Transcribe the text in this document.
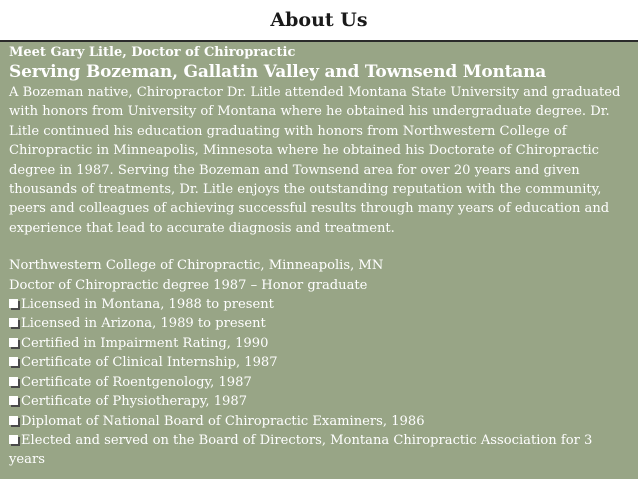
About Us
Meet Gary Litle, Doctor of Chiropractic
Serving Bozeman, Gallatin Valley and Townsend Montana

A Bozeman native, Chiropractor Dr. Litle attended Montana State University and graduated with honors from University of Montana where he obtained his undergraduate degree. Dr. Litle continued his education graduating with honors from Northwestern College of Chiropractic in Minneapolis, Minnesota where he obtained his Doctorate of Chiropractic degree in 1987. Serving the Bozeman and Townsend area for over 20 years and given thousands of treatments, Dr. Litle enjoys the outstanding reputation with the community, peers and colleagues of achieving successful results through many years of education and experience that lead to accurate diagnosis and treatment.

Northwestern College of Chiropractic, Minneapolis, MN
Doctor of Chiropractic degree 1987 – Honor graduate
Licensed in Montana, 1988 to present
Licensed in Arizona, 1989 to present
Certified in Impairment Rating, 1990
Certificate of Clinical Internship, 1987
Certificate of Roentgenology, 1987
Certificate of Physiotherapy, 1987
Diplomat of National Board of Chiropractic Examiners, 1986
Elected and served on the Board of Directors, Montana Chiropractic Association for 3 years
